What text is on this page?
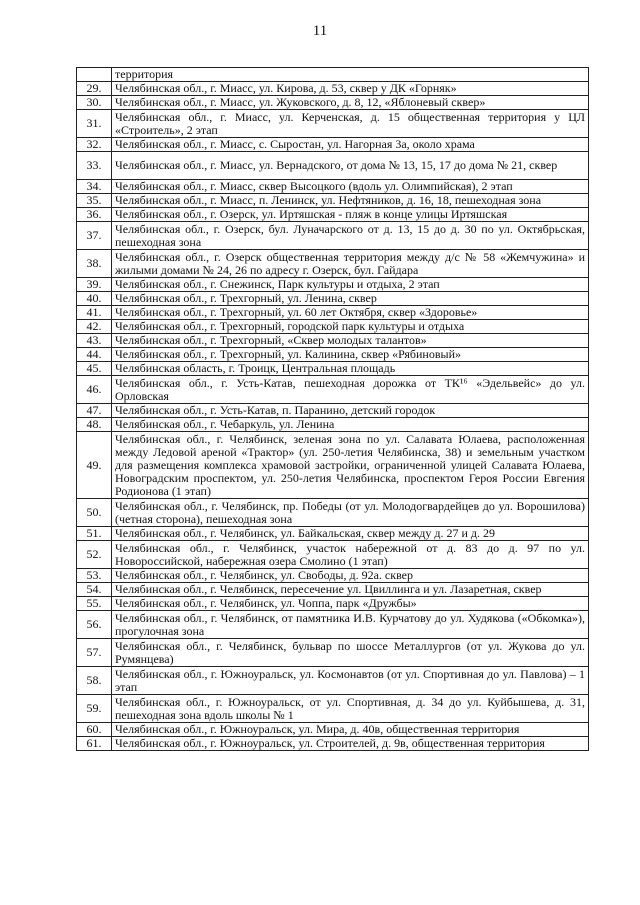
11
	территория
29.	Челябинская обл., г. Миасс, ул. Кирова, д. 53, сквер у ДК «Горняк»
30.	Челябинская обл., г. Миасс, ул. Жуковского, д. 8, 12, «Яблоневый сквер»
31.	Челябинская обл., г. Миасс, ул. Керченская, д. 15 общественная территория у ЦЛ «Строитель», 2 этап
32.	Челябинская обл., г. Миасс, с. Сыростан, ул. Нагорная 3а, около храма
33.	Челябинская обл., г. Миасс, ул. Вернадского, от дома № 13, 15, 17 до дома № 21, сквер
34.	Челябинская обл., г. Миасс, сквер Высоцкого (вдоль ул. Олимпийская), 2 этап
35.	Челябинская обл., г. Миасс, п. Ленинск, ул. Нефтяников, д. 16, 18, пешеходная зона
36.	Челябинская обл., г. Озерск, ул. Иртяшская - пляж в конце улицы Иртяшская
37.	Челябинская обл., г. Озерск, бул. Луначарского от д. 13, 15 до д. 30 по ул. Октябрьская, пешеходная зона
38.	Челябинская обл., г. Озерск общественная территория между д/с № 58 «Жемчужина» и жилыми домами № 24, 26 по адресу г. Озерск, бул. Гайдара
39.	Челябинская обл., г. Снежинск, Парк культуры и отдыха, 2 этап
40.	Челябинская обл., г. Трехгорный, ул. Ленина, сквер
41.	Челябинская обл., г. Трехгорный, ул. 60 лет Октября, сквер «Здоровье»
42.	Челябинская обл., г. Трехгорный, городской парк культуры и отдыха
43.	Челябинская обл., г. Трехгорный, «Сквер молодых талантов»
44.	Челябинская обл., г. Трехгорный, ул. Калинина, сквер «Рябиновый»
45.	Челябинская область, г. Троицк, Центральная площадь
46.	Челябинская обл., г. Усть-Катав, пешеходная дорожка от ТК¹⁶ «Эдельвейс» до ул. Орловская
47.	Челябинская обл., г. Усть-Катав, п. Паранино, детский городок
48.	Челябинская обл., г. Чебаркуль, ул. Ленина
49.	Челябинская обл., г. Челябинск, зеленая зона по ул. Салавата Юлаева, расположенная между Ледовой ареной «Трактор» (ул. 250-летия Челябинска, 38) и земельным участком для размещения комплекса храмовой застройки, ограниченной улицей Салавата Юлаева, Новоградским проспектом, ул. 250-летия Челябинска, проспектом Героя России Евгения Родионова (1 этап)
50.	Челябинская обл., г. Челябинск, пр. Победы (от ул. Молодогвардейцев до ул. Ворошилова) (четная сторона), пешеходная зона
51.	Челябинская обл., г. Челябинск, ул. Байкальская, сквер между д. 27 и д. 29
52.	Челябинская обл., г. Челябинск, участок набережной от д. 83 до д. 97 по ул. Новороссийской, набережная озера Смолино (1 этап)
53.	Челябинская обл., г. Челябинск, ул. Свободы, д. 92а. сквер
54.	Челябинская обл., г. Челябинск, пересечение ул. Цвиллинга и ул. Лазаретная, сквер
55.	Челябинская обл., г. Челябинск, ул. Чоппа, парк «Дружбы»
56.	Челябинская обл., г. Челябинск, от памятника И.В. Курчатову до ул. Худякова («Обкомка»), прогулочная зона
57.	Челябинская обл., г. Челябинск, бульвар по шоссе Металлургов (от ул. Жукова до ул. Румянцева)
58.	Челябинская обл., г. Южноуральск, ул. Космонавтов (от ул. Спортивная до ул. Павлова) – 1 этап
59.	Челябинская обл., г. Южноуральск, от ул. Спортивная, д. 34 до ул. Куйбышева, д. 31, пешеходная зона вдоль школы № 1
60.	Челябинская обл., г. Южноуральск, ул. Мира, д. 40в, общественная территория
61.	Челябинская обл., г. Южноуральск, ул. Строителей, д. 9в, общественная территория
